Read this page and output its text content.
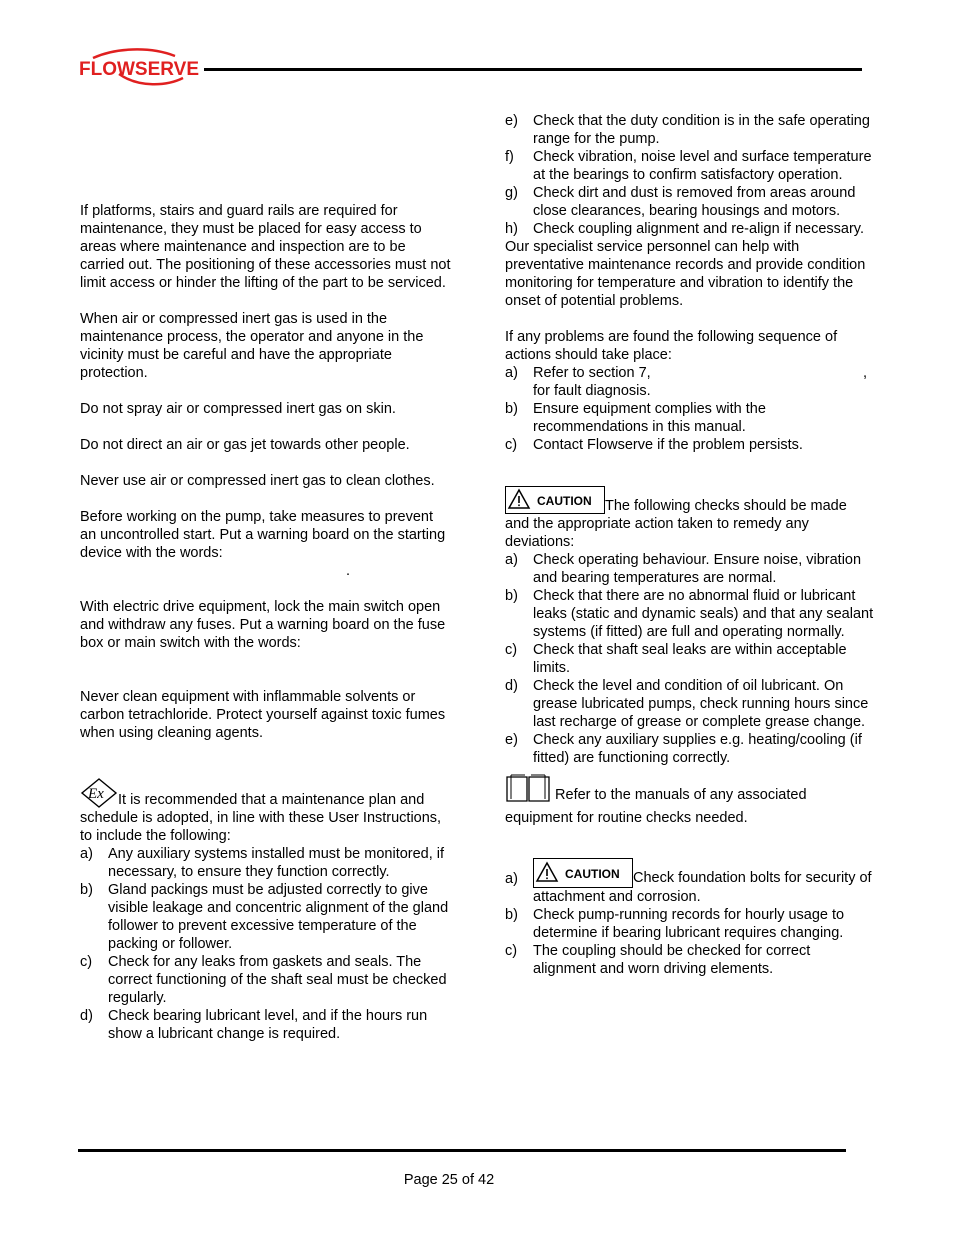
FLOWSERVE

If platforms, stairs and guard rails are required for maintenance, they must be placed for easy access to areas where maintenance and inspection are to be carried out. The positioning of these accessories must not limit access or hinder the lifting of the part to be serviced.

When air or compressed inert gas is used in the maintenance process, the operator and anyone in the vicinity must be careful and have the appropriate protection.

Do not spray air or compressed inert gas on skin.

Do not direct an air or gas jet towards other people.

Never use air or compressed inert gas to clean clothes.

Before working on the pump, take measures to prevent an uncontrolled start. Put a warning board on the starting device with the words:

.

With electric drive equipment, lock the main switch open and withdraw any fuses. Put a warning board on the fuse box or main switch with the words:

Never clean equipment with inflammable solvents or carbon tetrachloride. Protect yourself against toxic fumes when using cleaning agents.

Ex It is recommended that a maintenance plan and schedule is adopted, in line with these User Instructions, to include the following:

a)	Any auxiliary systems installed must be monitored, if necessary, to ensure they function correctly.
b)	Gland packings must be adjusted correctly to give visible leakage and concentric alignment of the gland follower to prevent excessive temperature of the packing or follower.
c)	Check for any leaks from gaskets and seals. The correct functioning of the shaft seal must be checked regularly.
d)	Check bearing lubricant level, and if the hours run show a lubricant change is required.
e)	Check that the duty condition is in the safe operating range for the pump.
f)	Check vibration, noise level and surface temperature at the bearings to confirm satisfactory operation.
g)	Check dirt and dust is removed from areas around close clearances, bearing housings and motors.
h)	Check coupling alignment and re-align if necessary.

Our specialist service personnel can help with preventative maintenance records and provide condition monitoring for temperature and vibration to identify the onset of potential problems.

If any problems are found the following sequence of actions should take place:

a)	Refer to section 7,	,
for fault diagnosis.
b)	Ensure equipment complies with the recommendations in this manual.
c)	Contact Flowserve if the problem persists.

CAUTION The following checks should be made and the appropriate action taken to remedy any deviations:

a)	Check operating behaviour. Ensure noise, vibration and bearing temperatures are normal.
b)	Check that there are no abnormal fluid or lubricant leaks (static and dynamic seals) and that any sealant systems (if fitted) are full and operating normally.
c)	Check that shaft seal leaks are within acceptable limits.
d)	Check the level and condition of oil lubricant. On grease lubricated pumps, check running hours since last recharge of grease or complete grease change.
e)	Check any auxiliary supplies e.g. heating/cooling (if fitted) are functioning correctly.

Refer to the manuals of any associated equipment for routine checks needed.

a)	CAUTION Check foundation bolts for security of attachment and corrosion.
b)	Check pump-running records for hourly usage to determine if bearing lubricant requires changing.
c)	The coupling should be checked for correct alignment and worn driving elements.
Page 25 of 42
